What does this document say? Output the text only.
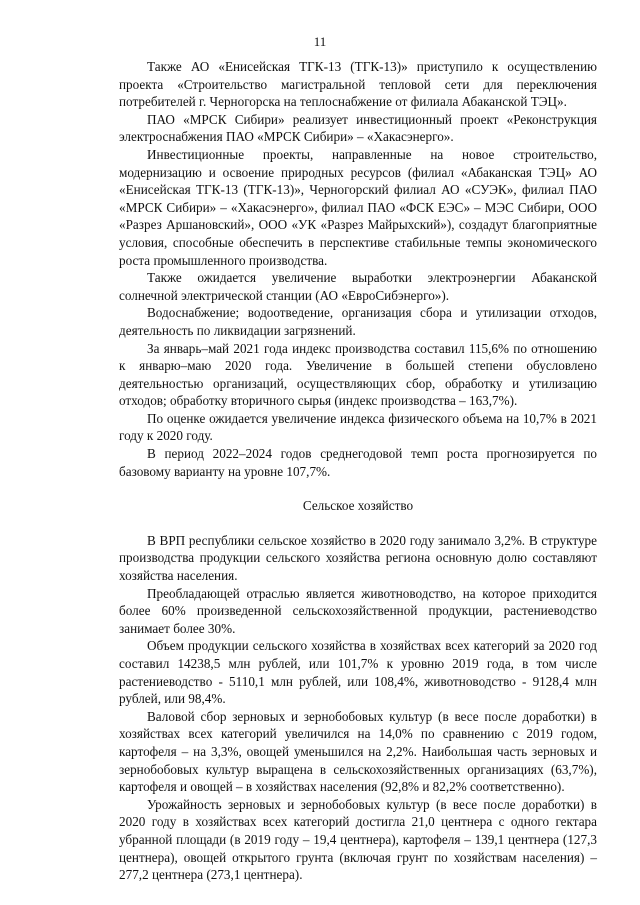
11

Также АО «Енисейская ТГК-13 (ТГК-13)» приступило к осуществлению проекта «Строительство магистральной тепловой сети для переключения потребителей г. Черногорска на теплоснабжение от филиала Абаканской ТЭЦ».

ПАО «МРСК Сибири» реализует инвестиционный проект «Реконструкция электроснабжения ПАО «МРСК Сибири» – «Хакасэнерго».

Инвестиционные проекты, направленные на новое строительство, модернизацию и освоение природных ресурсов (филиал «Абаканская ТЭЦ» АО «Енисейская ТГК-13 (ТГК-13)», Черногорский филиал АО «СУЭК», филиал ПАО «МРСК Сибири» – «Хакасэнерго», филиал ПАО «ФСК ЕЭС» – МЭС Сибири, ООО «Разрез Аршановский», ООО «УК «Разрез Майрыхский»), создадут благоприятные условия, способные обеспечить в перспективе стабильные темпы экономического роста промышленного производства.

Также ожидается увеличение выработки электроэнергии Абаканской солнечной электрической станции (АО «ЕвроСибэнерго»).

Водоснабжение; водоотведение, организация сбора и утилизации отходов, деятельность по ликвидации загрязнений.

За январь–май 2021 года индекс производства составил 115,6% по отношению к январю–маю 2020 года. Увеличение в большей степени обусловлено деятельностью организаций, осуществляющих сбор, обработку и утилизацию отходов; обработку вторичного сырья (индекс производства – 163,7%).

По оценке ожидается увеличение индекса физического объема на 10,7% в 2021 году к 2020 году.

В период 2022–2024 годов среднегодовой темп роста прогнозируется по базовому варианту на уровне 107,7%.

Сельское хозяйство

В ВРП республики сельское хозяйство в 2020 году занимало 3,2%. В структуре производства продукции сельского хозяйства региона основную долю составляют хозяйства населения.

Преобладающей отраслью является животноводство, на которое приходится более 60% произведенной сельскохозяйственной продукции, растениеводство занимает более 30%.

Объем продукции сельского хозяйства в хозяйствах всех категорий за 2020 год составил 14238,5 млн рублей, или 101,7% к уровню 2019 года, в том числе растениеводство - 5110,1 млн рублей, или 108,4%, животноводство - 9128,4 млн рублей, или 98,4%.

Валовой сбор зерновых и зернобобовых культур (в весе после доработки) в хозяйствах всех категорий увеличился на 14,0% по сравнению с 2019 годом, картофеля – на 3,3%, овощей уменьшился на 2,2%. Наибольшая часть зерновых и зернобобовых культур выращена в сельскохозяйственных организациях (63,7%), картофеля и овощей – в хозяйствах населения (92,8% и 82,2% соответственно).

Урожайность зерновых и зернобобовых культур (в весе после доработки) в 2020 году в хозяйствах всех категорий достигла 21,0 центнера с одного гектара убранной площади (в 2019 году – 19,4 центнера), картофеля – 139,1 центнера (127,3 центнера), овощей открытого грунта (включая грунт по хозяйствам населения) – 277,2 центнера (273,1 центнера).
